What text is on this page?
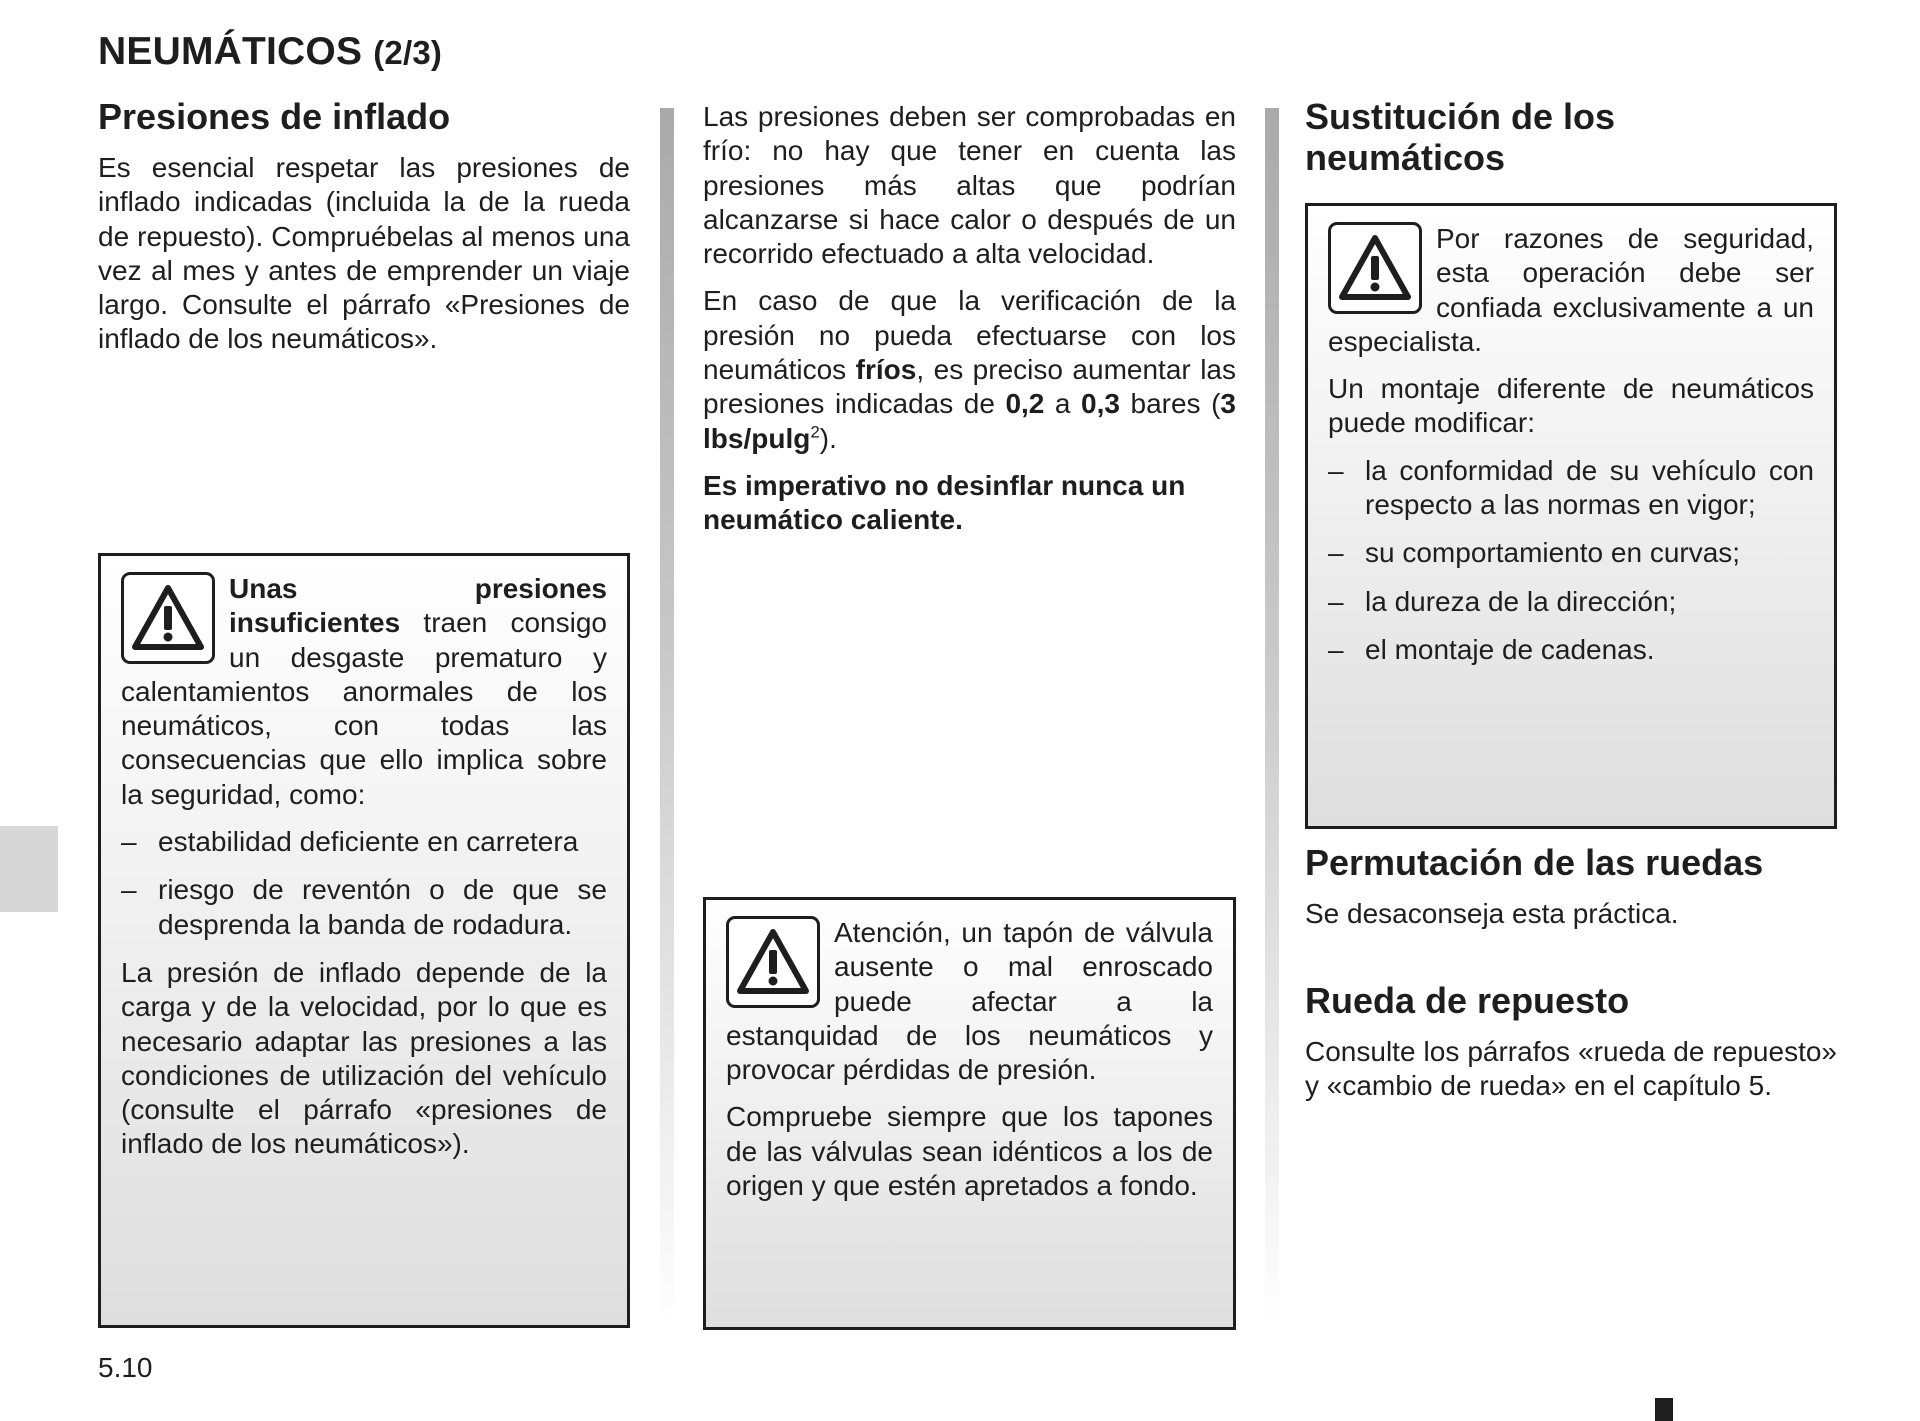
NEUMÁTICOS (2/3)
Presiones de inflado

Es esencial respetar las presiones de inflado indicadas (incluida la de la rueda de repuesto). Compruébelas al menos una vez al mes y antes de emprender un viaje largo. Consulte el párrafo «Presiones de inflado de los neumáticos».

Unas presiones insuficientes traen consigo un desgaste prematuro y calentamientos anormales de los neumáticos, con todas las consecuencias que ello implica sobre la seguridad, como:

– estabilidad deficiente en carretera
– riesgo de reventón o de que se desprenda la banda de rodadura.

La presión de inflado depende de la carga y de la velocidad, por lo que es necesario adaptar las presiones a las condiciones de utilización del vehículo (consulte el párrafo «presiones de inflado de los neumáticos»).

Las presiones deben ser comprobadas en frío: no hay que tener en cuenta las presiones más altas que podrían alcanzarse si hace calor o después de un recorrido efectuado a alta velocidad.

En caso de que la verificación de la presión no pueda efectuarse con los neumáticos fríos, es preciso aumentar las presiones indicadas de 0,2 a 0,3 bares (3 lbs/pulg$^2$).

Es imperativo no desinflar nunca un neumático caliente.

Atención, un tapón de válvula ausente o mal enroscado puede afectar a la estanquidad de los neumáticos y provocar pérdidas de presión.

Compruebe siempre que los tapones de las válvulas sean idénticos a los de origen y que estén apretados a fondo.

Sustitución de los neumáticos

Por razones de seguridad, esta operación debe ser confiada exclusivamente a un especialista.

Un montaje diferente de neumáticos puede modificar:

– la conformidad de su vehículo con respecto a las normas en vigor;
– su comportamiento en curvas;
– la dureza de la dirección;
– el montaje de cadenas.
Permutación de las ruedas

Se desaconseja esta práctica.

Rueda de repuesto

Consulte los párrafos «rueda de repuesto» y «cambio de rueda» en el capítulo 5.

5.10
